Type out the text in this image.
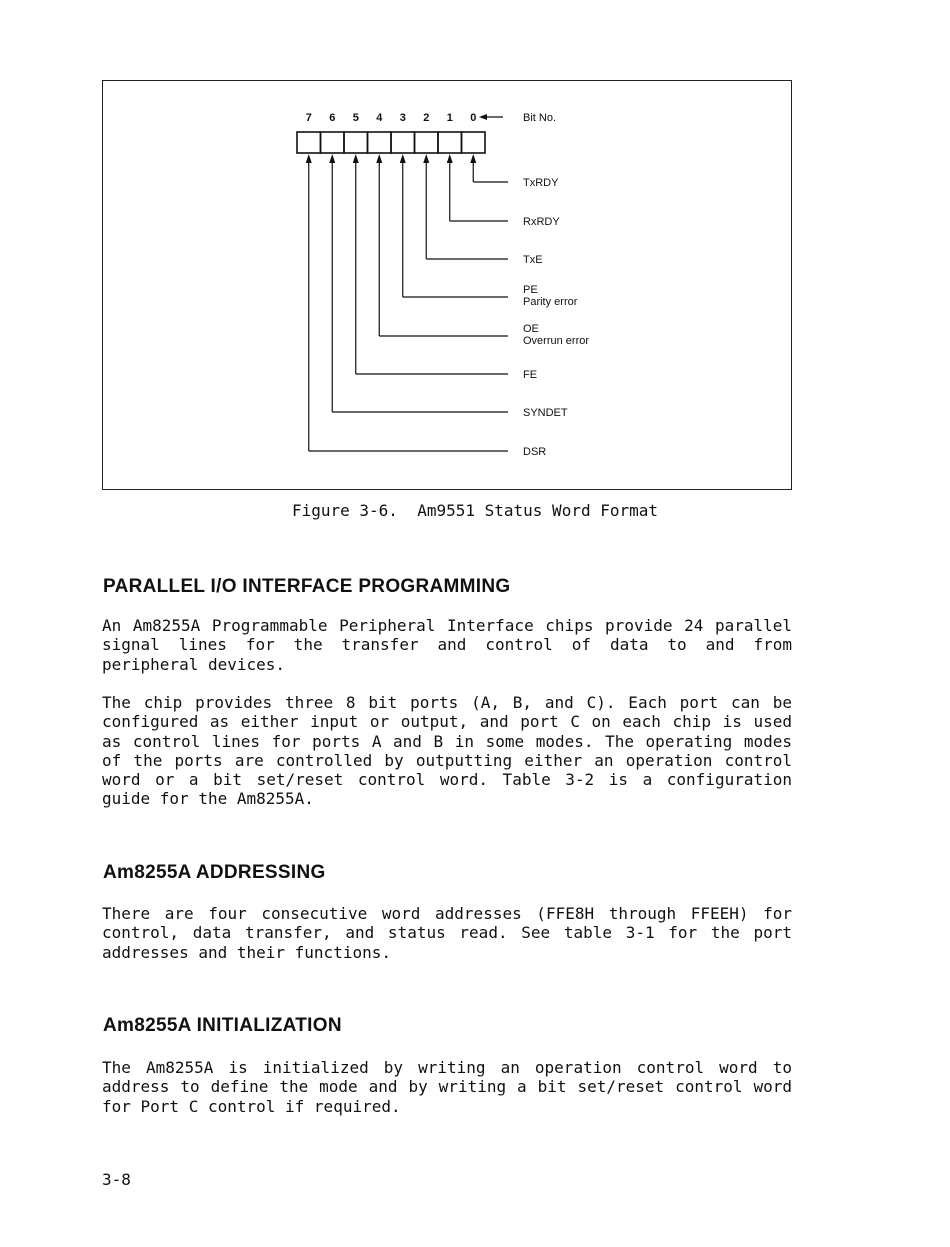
7 6 5 4 3 2 1 0	Bit No.
TxRDY
RxRDY
TxE
PE
Parity error
OE
Overrun error
FE
SYNDET
DSR
Figure 3-6.  Am9551 Status Word Format
PARALLEL I/O INTERFACE PROGRAMMING

An Am8255A Programmable Peripheral Interface chips provide 24 parallel signal lines for the transfer and control of data to and from peripheral devices.

The chip provides three 8 bit ports (A, B, and C). Each port can be configured as either input or output, and port C on each chip is used as control lines for ports A and B in some modes. The operating modes of the ports are controlled by outputting either an operation control word or a bit set/reset control word. Table 3-2 is a configuration guide for the Am8255A.

Am8255A ADDRESSING

There are four consecutive word addresses (FFE8H through FFEEH) for control, data transfer, and status read. See table 3-1 for the port addresses and their functions.

Am8255A INITIALIZATION

The Am8255A is initialized by writing an operation control word to address to define the mode and by writing a bit set/reset control word for Port C control if required.

3-8
